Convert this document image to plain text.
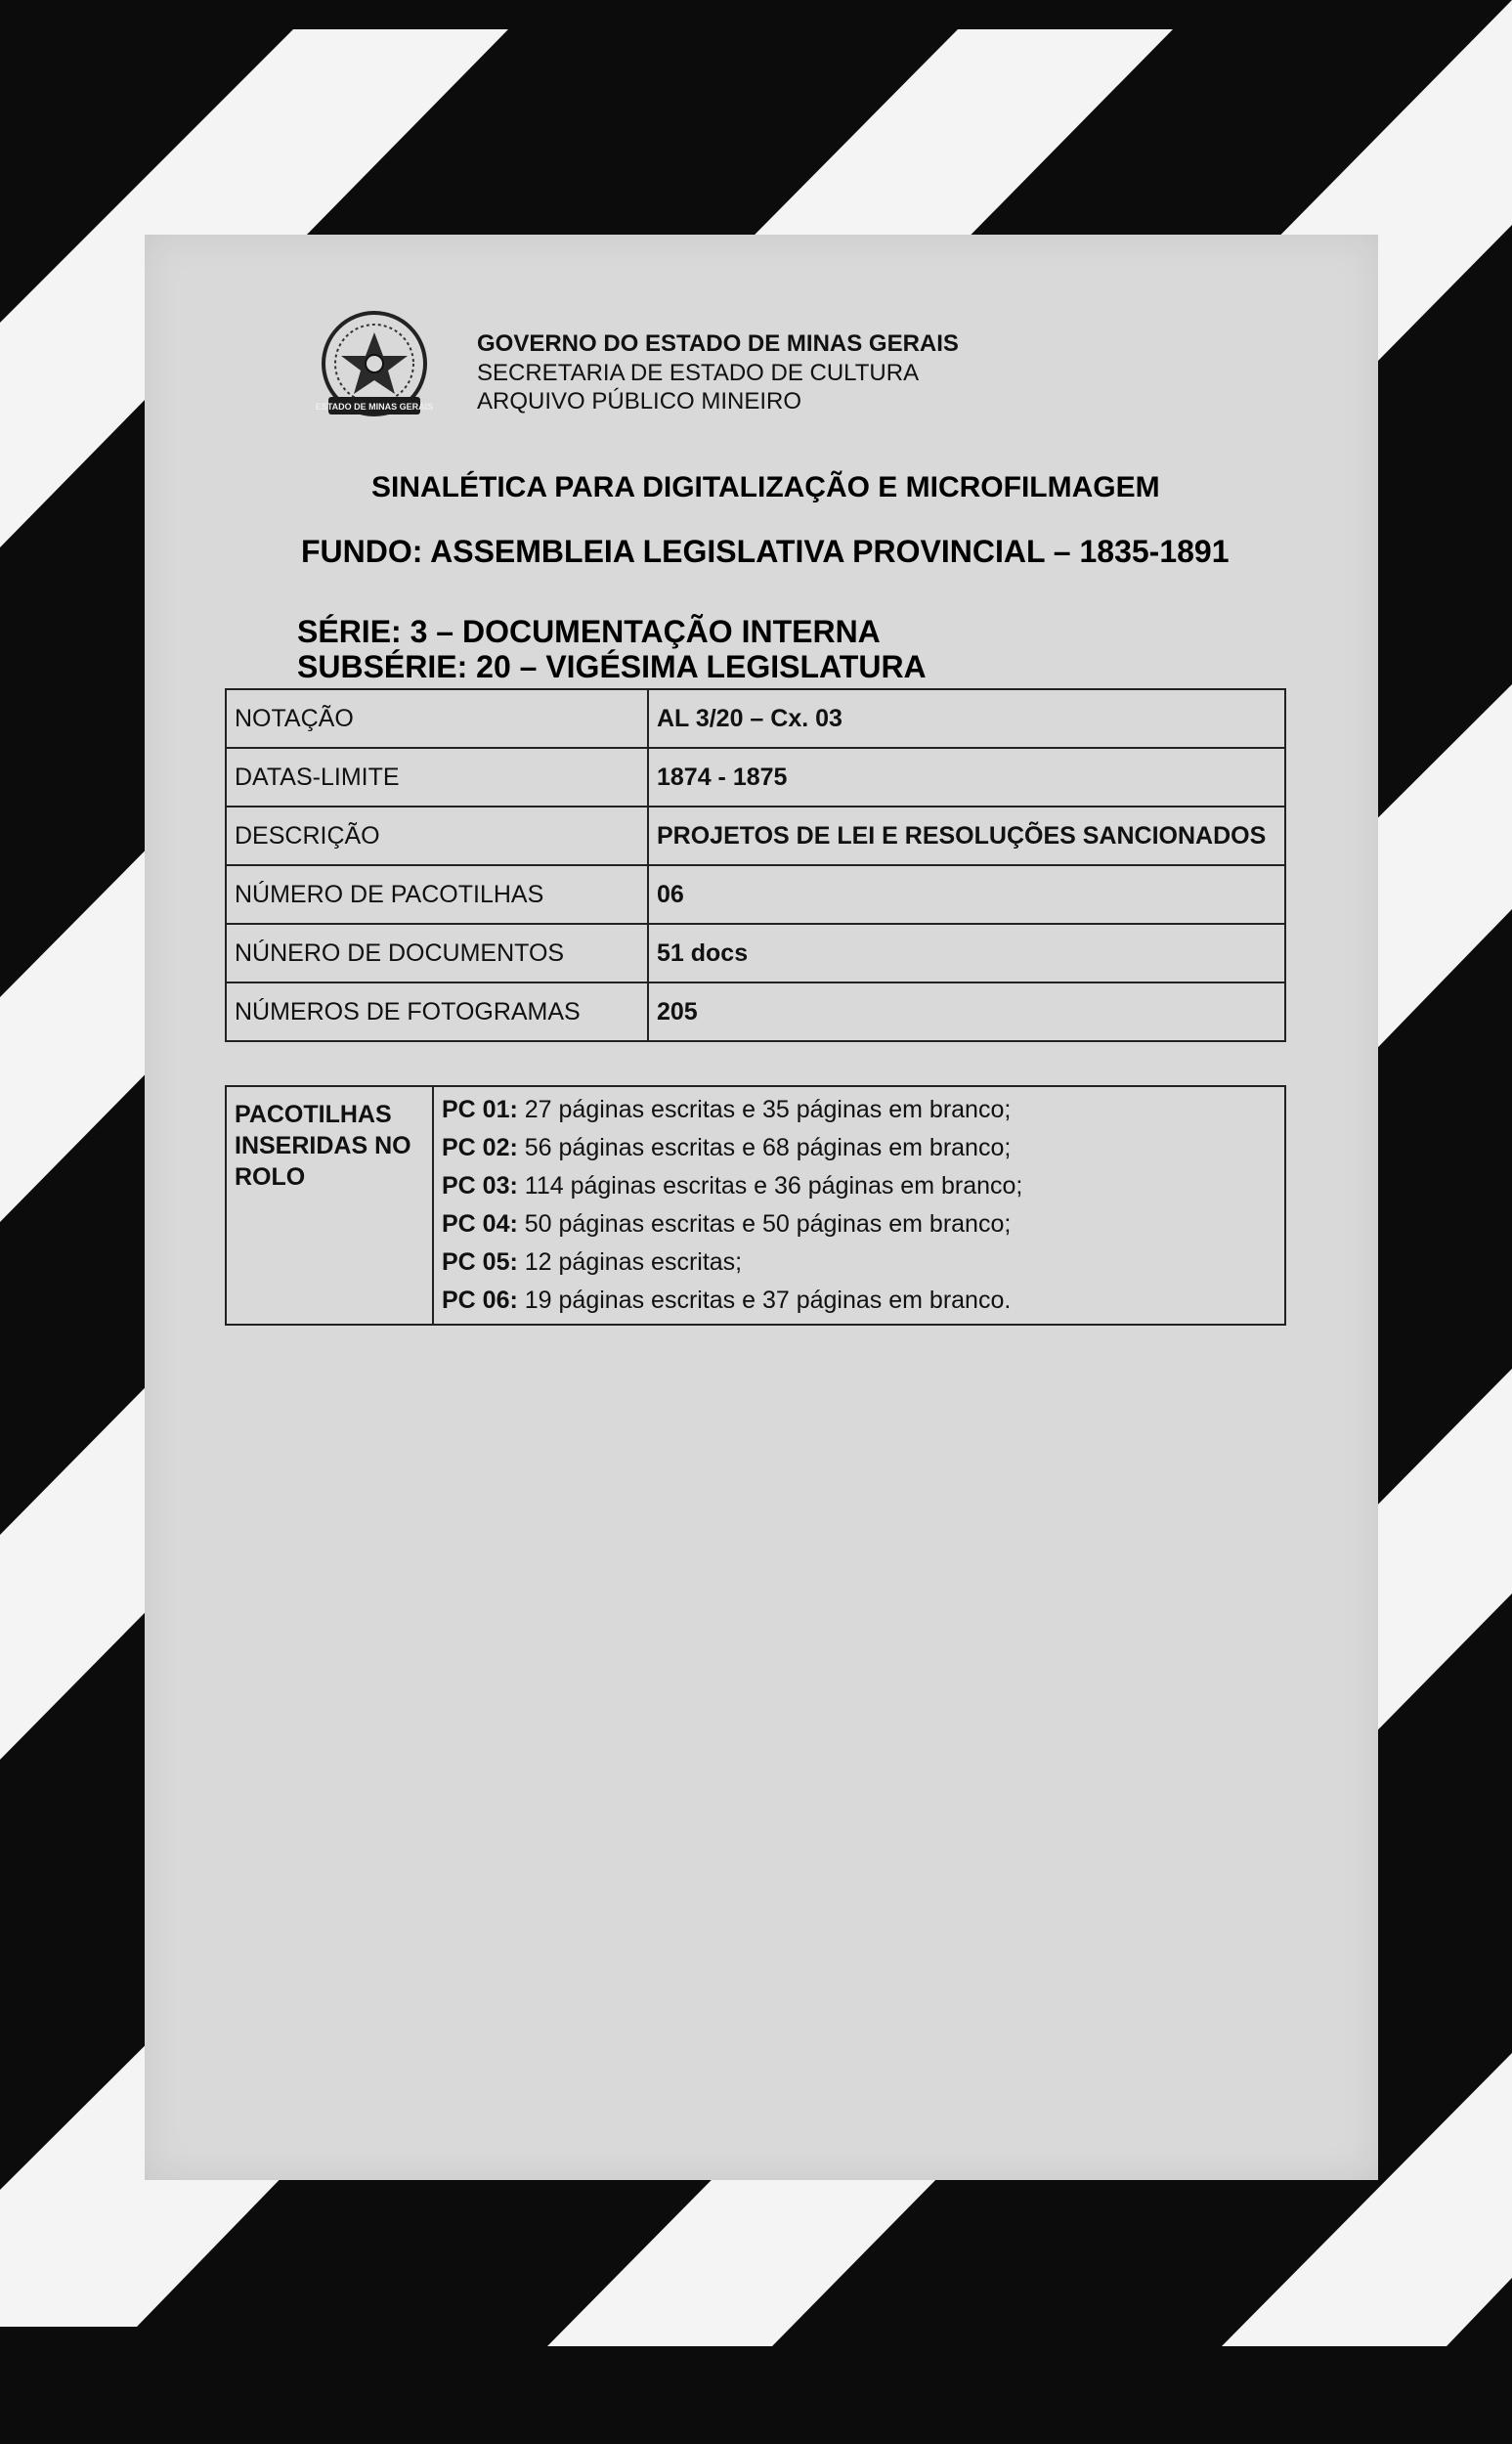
ESTADO DE MINAS GERAIS
GOVERNO DO ESTADO DE MINAS GERAIS
SECRETARIA DE ESTADO DE CULTURA
ARQUIVO PÚBLICO MINEIRO
SINALÉTICA PARA DIGITALIZAÇÃO E MICROFILMAGEM
FUNDO: ASSEMBLEIA LEGISLATIVA PROVINCIAL – 1835-1891
SÉRIE: 3 – DOCUMENTAÇÃO INTERNA
SUBSÉRIE: 20 – VIGÉSIMA LEGISLATURA
NOTAÇÃO	AL 3/20 – Cx. 03
DATAS-LIMITE	1874 - 1875
DESCRIÇÃO	PROJETOS DE LEI E RESOLUÇÕES SANCIONADOS
NÚMERO DE PACOTILHAS	06
NÚNERO DE DOCUMENTOS	51 docs
NÚMEROS DE FOTOGRAMAS	205
PACOTILHAS INSERIDAS NO ROLO	
PC 01: 27 páginas escritas e 35 páginas em branco;
PC 02: 56 páginas escritas e 68 páginas em branco;
PC 03: 114 páginas escritas e 36 páginas em branco;
PC 04: 50 páginas escritas e 50 páginas em branco;
PC 05: 12 páginas escritas;
PC 06: 19 páginas escritas e 37 páginas em branco.
